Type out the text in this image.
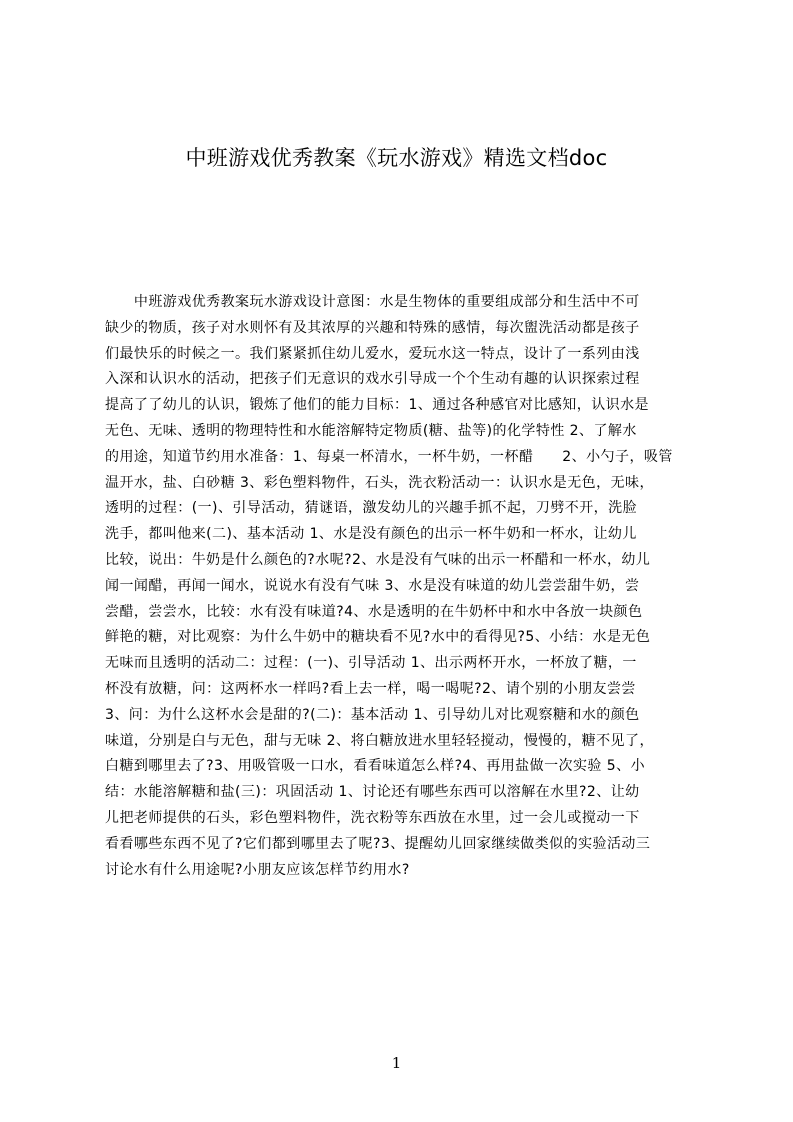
中班游戏优秀教案《玩水游戏》精选文档doc
　　中班游戏优秀教案玩水游戏设计意图：水是生物体的重要组成部分和生活中不可
缺少的物质，孩子对水则怀有及其浓厚的兴趣和特殊的感情，每次盥洗活动都是孩子
们最快乐的时候之一。我们紧紧抓住幼儿爱水，爱玩水这一特点，设计了一系列由浅
入深和认识水的活动，把孩子们无意识的戏水引导成一个个生动有趣的认识探索过程
提高了了幼儿的认识，锻炼了他们的能力目标：1、通过各种感官对比感知，认识水是
无色、无味、透明的物理特性和水能溶解特定物质(糖、盐等)的化学特性 2、了解水
的用途，知道节约用水准备：1、每桌一杯清水，一杯牛奶，一杯醋　　2、小勺子，吸管
温开水，盐、白砂糖 3、彩色塑料物件，石头，洗衣粉活动一：认识水是无色，无味，
透明的过程：(一)、引导活动，猜谜语，激发幼儿的兴趣手抓不起，刀劈不开，洗脸
洗手，都叫他来(二)、基本活动 1、水是没有颜色的出示一杯牛奶和一杯水，让幼儿
比较，说出：牛奶是什么颜色的?水呢?2、水是没有气味的出示一杯醋和一杯水，幼儿
闻一闻醋，再闻一闻水，说说水有没有气味 3、水是没有味道的幼儿尝尝甜牛奶，尝
尝醋，尝尝水，比较：水有没有味道?4、水是透明的在牛奶杯中和水中各放一块颜色
鲜艳的糖，对比观察：为什么牛奶中的糖块看不见?水中的看得见?5、小结：水是无色
无味而且透明的活动二：过程：(一)、引导活动 1、出示两杯开水，一杯放了糖，一
杯没有放糖，问：这两杯水一样吗?看上去一样，喝一喝呢?2、请个别的小朋友尝尝
3、问：为什么这杯水会是甜的?(二)：基本活动 1、引导幼儿对比观察糖和水的颜色
味道，分别是白与无色，甜与无味 2、将白糖放进水里轻轻搅动，慢慢的，糖不见了，
白糖到哪里去了?3、用吸管吸一口水，看看味道怎么样?4、再用盐做一次实验 5、小
结：水能溶解糖和盐(三)：巩固活动 1、讨论还有哪些东西可以溶解在水里?2、让幼
儿把老师提供的石头，彩色塑料物件，洗衣粉等东西放在水里，过一会儿或搅动一下
看看哪些东西不见了?它们都到哪里去了呢?3、提醒幼儿回家继续做类似的实验活动三
讨论水有什么用途呢?小朋友应该怎样节约用水?
1
